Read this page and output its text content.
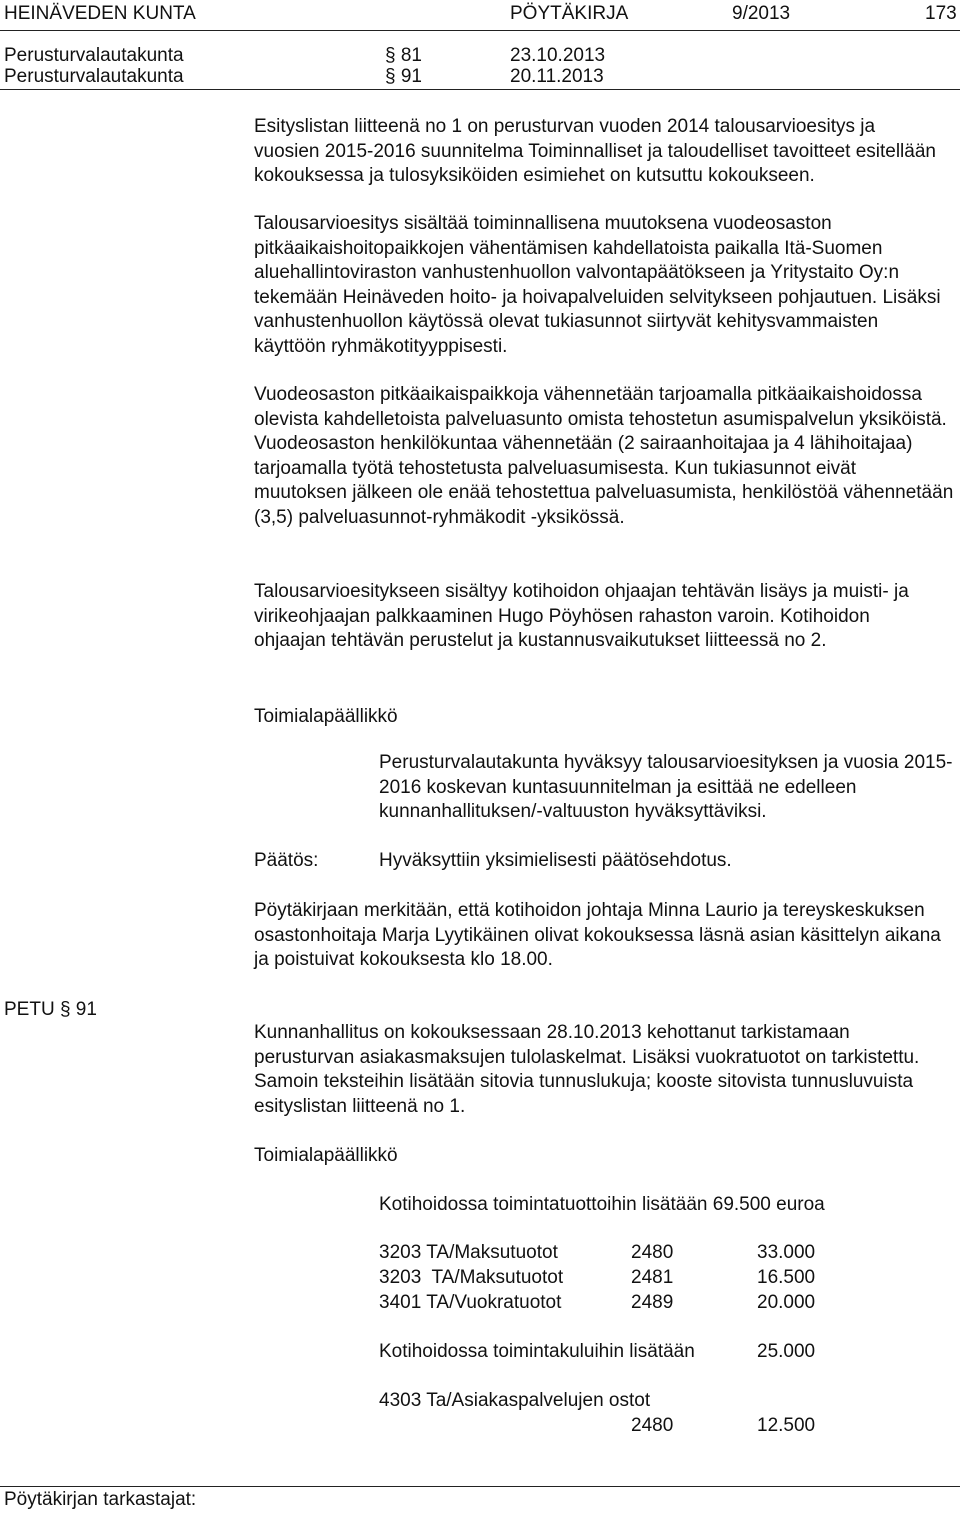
HEINÄVEDEN KUNTA	PÖYTÄKIRJA	9/2013	173
Perusturvalautakunta	§ 81	23.10.2013
Perusturvalautakunta	§ 91	20.11.2013
Esityslistan liitteenä no 1 on perusturvan vuoden 2014 talousarvioesitys ja vuosien 2015-2016 suunnitelma Toiminnalliset ja taloudelliset tavoitteet esitellään kokouksessa ja tulosyksiköiden esimiehet on kutsuttu kokoukseen.
Talousarvioesitys sisältää toiminnallisena muutoksena vuodeosaston pitkäaikaishoitopaikkojen vähentämisen kahdellatoista paikalla Itä-Suomen aluehallintoviraston vanhustenhuollon valvontapäätökseen ja Yritystaito Oy:n tekemään Heinäveden hoito- ja hoivapalveluiden selvitykseen pohjautuen. Lisäksi vanhustenhuollon käytössä olevat tukiasunnot siirtyvät kehitysvammaisten käyttöön ryhmäkotityyppisesti.
Vuodeosaston pitkäaikaispaikkoja vähennetään tarjoamalla pitkäaikaishoidossa olevista kahdelletoista palveluasunto omista tehostetun asumispalvelun yksiköistä. Vuodeosaston henkilökuntaa vähennetään (2 sairaanhoitajaa ja 4 lähihoitajaa) tarjoamalla työtä tehostetusta palveluasumisesta. Kun tukiasunnot eivät muutoksen jälkeen ole enää tehostettua palveluasumista, henkilöstöä vähennetään (3,5) palveluasunnot-ryhmäkodit -yksikössä.
Talousarvioesitykseen sisältyy kotihoidon ohjaajan tehtävän lisäys ja muisti- ja virikeohjaajan palkkaaminen Hugo Pöyhösen rahaston varoin. Kotihoidon ohjaajan tehtävän perustelut ja kustannusvaikutukset liitteessä no 2.
Toimialapäällikkö
Perusturvalautakunta hyväksyy talousarvioesityksen ja vuosia 2015-2016 koskevan kuntasuunnitelman ja esittää ne edelleen kunnanhallituksen/-valtuuston hyväksyttäviksi.
Päätös:	Hyväksyttiin yksimielisesti päätösehdotus.
Pöytäkirjaan merkitään, että kotihoidon johtaja Minna Laurio ja tereyskeskuksen osastonhoitaja Marja Lyytikäinen olivat kokouksessa läsnä asian käsittelyn aikana ja poistuivat kokouksesta klo 18.00.
PETU § 91
Kunnanhallitus on kokouksessaan 28.10.2013 kehottanut tarkistamaan perusturvan asiakasmaksujen tulolaskelmat. Lisäksi vuokratuotot on tarkistettu. Samoin teksteihin lisätään sitovia tunnuslukuja; kooste sitovista tunnusluvuista esityslistan liitteenä no 1.
Toimialapäällikkö
Kotihoidossa toimintatuottoihin lisätään 69.500 euroa
3203 TA/Maksutuotot	2480	33.000
3203  TA/Maksutuotot	2481	16.500
3401 TA/Vuokratuotot	2489	20.000
Kotihoidossa toimintakuluihin lisätään	25.000
4303 Ta/Asiakaspalvelujen ostot
2480	12.500
Pöytäkirjan tarkastajat:
